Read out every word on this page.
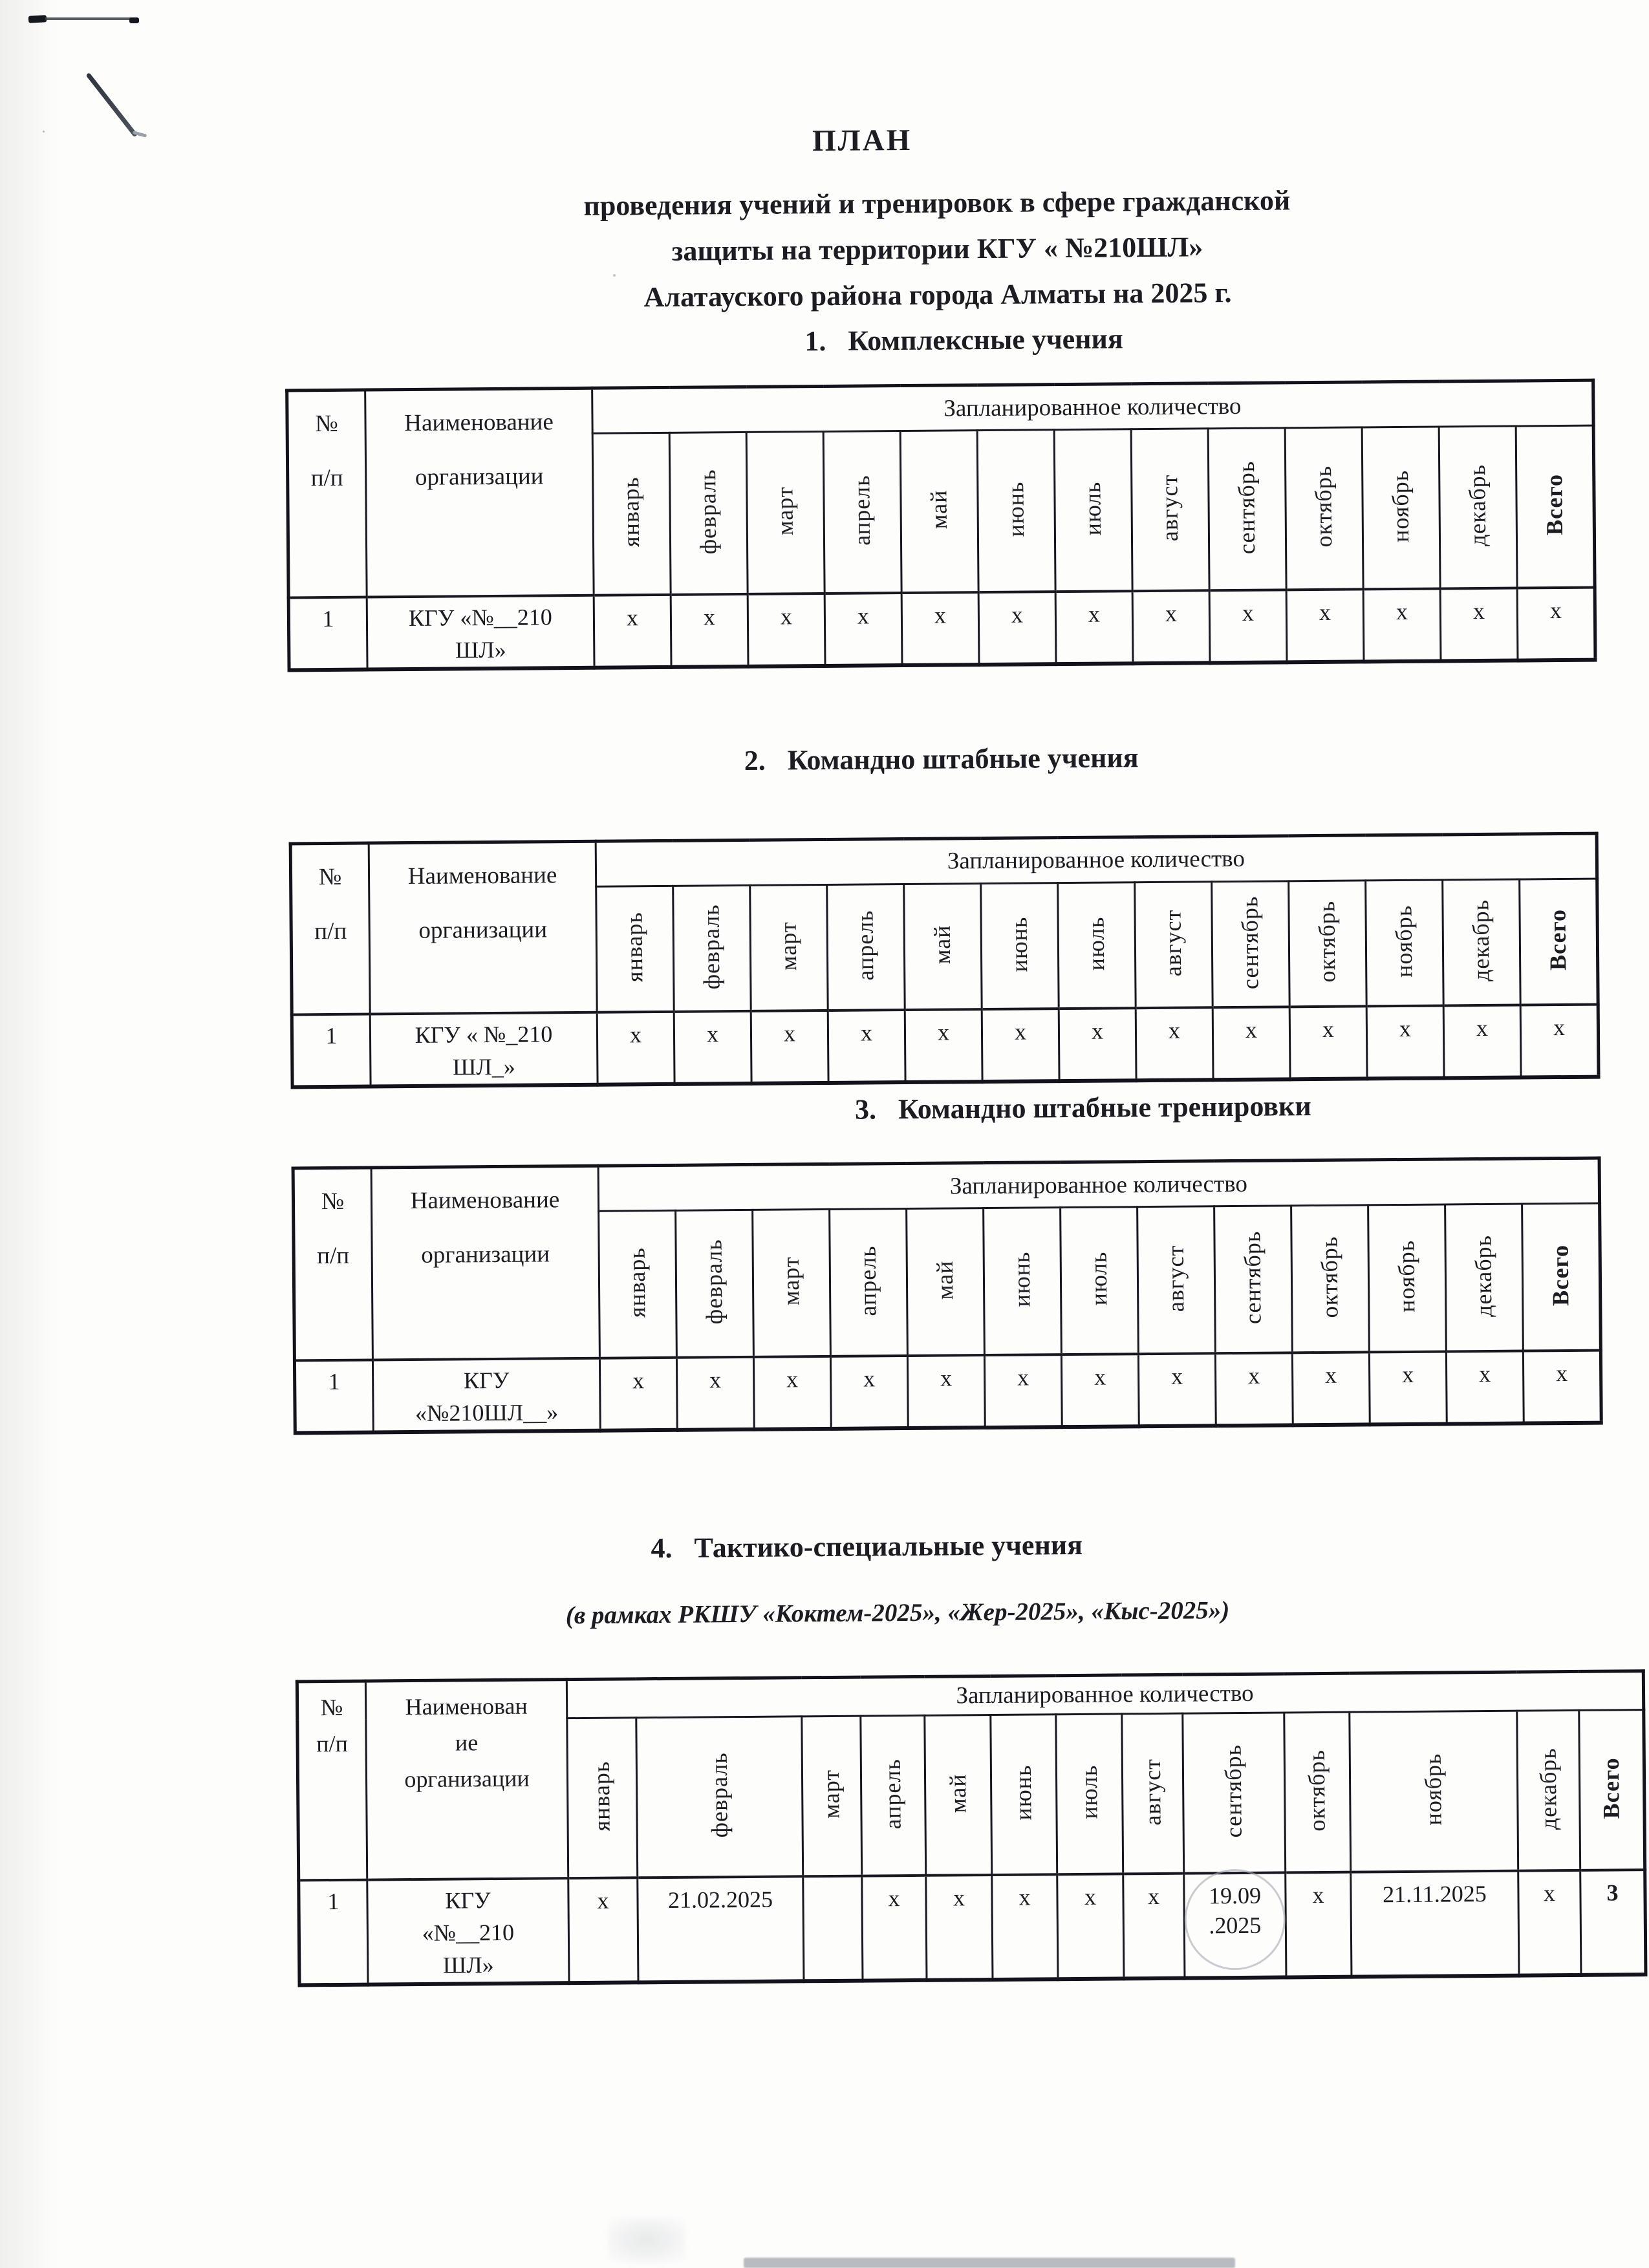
ПЛАН
проведения учений и тренировок в сфере гражданской
защиты на территории КГУ « №210ШЛ»
Алатауского района города Алматы на 2025 г.
1. Комплексные учения
№
п/п

Наименование
организации
	Запланированное количество
		январь	февраль	март	апрель	май	июнь	июль	август	сентябрь	октябрь	ноябрь	декабрь	Всего
1	КГУ «№__210
ШЛ»	х	х	х	х	х	х	х	х	х	х	х	х	х
2. Командно штабные учения
№
п/п

Наименование
организации
	Запланированное количество
		январь	февраль	март	апрель	май	июнь	июль	август	сентябрь	октябрь	ноябрь	декабрь	Всего
1	КГУ « №_210
ШЛ_»	х	х	х	х	х	х	х	х	х	х	х	х	х
3. Командно штабные тренировки
№
п/п

Наименование
организации
	Запланированное количество
		январь	февраль	март	апрель	май	июнь	июль	август	сентябрь	октябрь	ноябрь	декабрь	Всего
1	КГУ
«№210ШЛ__»	х	х	х	х	х	х	х	х	х	х	х	х	х
4. Тактико-специальные учения
(в рамках РКШУ «Коктем-2025», «Жер-2025», «Кыс-2025»)
№
п/п

Наименован
ие
организации
	Запланированное количество
		январь	февраль	март	апрель	май	июнь	июль	август	сентябрь	октябрь	ноябрь	декабрь	Всего
1	КГУ
«№__210
ШЛ»
	х	21.02.2025		х	х	х	х	х	19.09
.2025
	х	21.11.2025	х	3
